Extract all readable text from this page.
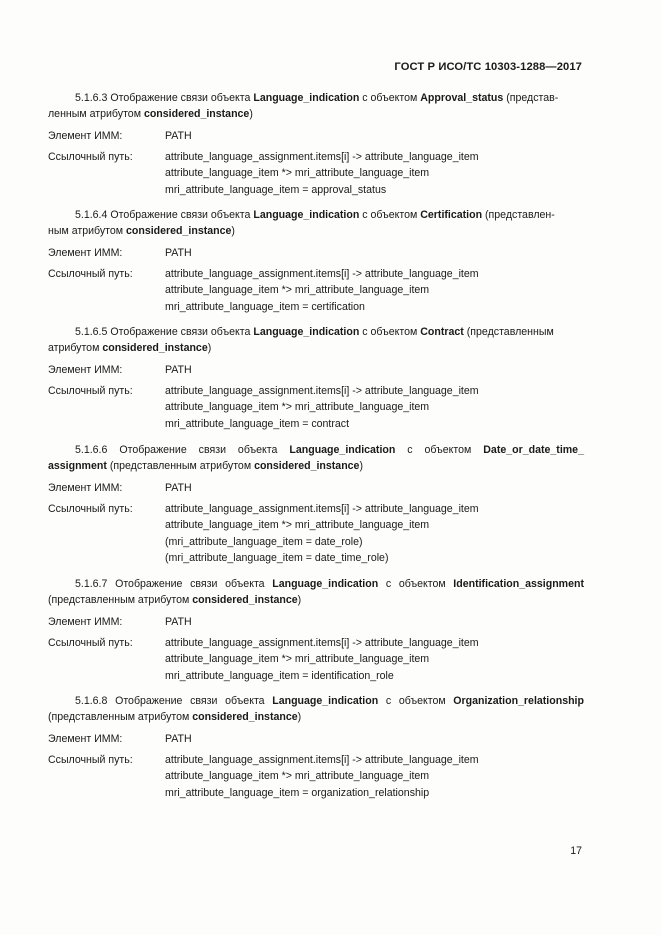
ГОСТ Р ИСО/ТС 10303-1288—2017

5.1.6.3 Отображение связи объекта Language_indication с объектом Approval_status (представ-
ленным атрибутом considered_instance)

Элемент ИММ:	PATH
Ссылочный путь:	attribute_language_assignment.items[i] -> attribute_language_item
attribute_language_item *> mri_attribute_language_item
mri_attribute_language_item = approval_status

5.1.6.4 Отображение связи объекта Language_indication с объектом Certification (представлен-
ным атрибутом considered_instance)

Элемент ИММ:	PATH
Ссылочный путь:	attribute_language_assignment.items[i] -> attribute_language_item
attribute_language_item *> mri_attribute_language_item
mri_attribute_language_item = certification

5.1.6.5 Отображение связи объекта Language_indication с объектом Contract (представленным
атрибутом considered_instance)

Элемент ИММ:	PATH
Ссылочный путь:	attribute_language_assignment.items[i] -> attribute_language_item
attribute_language_item *> mri_attribute_language_item
mri_attribute_language_item = contract

5.1.6.6 Отображение связи объекта Language_indication с объектом Date_or_date_time_

assignment (представленным атрибутом considered_instance)

Элемент ИММ:	PATH
Ссылочный путь:	attribute_language_assignment.items[i] -> attribute_language_item
attribute_language_item *> mri_attribute_language_item
(mri_attribute_language_item = date_role)
(mri_attribute_language_item = date_time_role)

5.1.6.7 Отображение связи объекта Language_indication с объектом Identification_assignment

(представленным атрибутом considered_instance)

Элемент ИММ:	PATH
Ссылочный путь:	attribute_language_assignment.items[i] -> attribute_language_item
attribute_language_item *> mri_attribute_language_item
mri_attribute_language_item = identification_role

5.1.6.8 Отображение связи объекта Language_indication с объектом Organization_relationship

(представленным атрибутом considered_instance)

Элемент ИММ:	PATH
Ссылочный путь:	attribute_language_assignment.items[i] -> attribute_language_item
attribute_language_item *> mri_attribute_language_item
mri_attribute_language_item = organization_relationship
17
